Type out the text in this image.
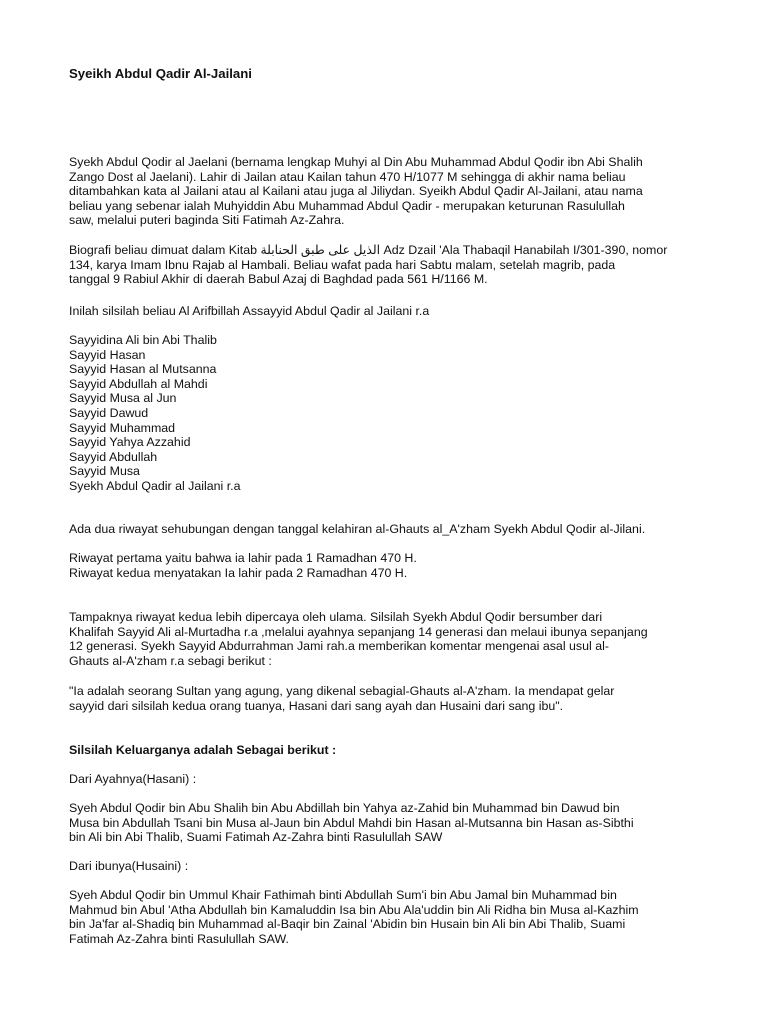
Syeikh Abdul Qadir Al-Jailani

Syekh Abdul Qodir al Jaelani (bernama lengkap Muhyi al Din Abu Muhammad Abdul Qodir ibn Abi Shalih
Zango Dost al Jaelani). Lahir di Jailan atau Kailan tahun 470 H/1077 M sehingga di akhir nama beliau
ditambahkan kata al Jailani atau al Kailani atau juga al Jiliydan. Syeikh Abdul Qadir Al-Jailani, atau nama
beliau yang sebenar ialah Muhyiddin Abu Muhammad Abdul Qadir - merupakan keturunan Rasulullah
saw, melalui puteri baginda Siti Fatimah Az-Zahra.

Biografi beliau dimuat dalam Kitab الذيل على طبق الحنابلة Adz Dzail 'Ala Thabaqil Hanabilah I/301-390, nomor
134, karya Imam Ibnu Rajab al Hambali. Beliau wafat pada hari Sabtu malam, setelah magrib, pada
tanggal 9 Rabiul Akhir di daerah Babul Azaj di Baghdad pada 561 H/1166 M.

Inilah silsilah beliau Al Arifbillah Assayyid Abdul Qadir al Jailani r.a

Sayyidina Ali bin Abi Thalib
Sayyid Hasan
Sayyid Hasan al Mutsanna
Sayyid Abdullah al Mahdi
Sayyid Musa al Jun
Sayyid Dawud
Sayyid Muhammad
Sayyid Yahya Azzahid
Sayyid Abdullah
Sayyid Musa
Syekh Abdul Qadir al Jailani r.a

Ada dua riwayat sehubungan dengan tanggal kelahiran al-Ghauts al_A'zham Syekh Abdul Qodir al-Jilani.

Riwayat pertama yaitu bahwa ia lahir pada 1 Ramadhan 470 H.
Riwayat kedua menyatakan Ia lahir pada 2 Ramadhan 470 H.

Tampaknya riwayat kedua lebih dipercaya oleh ulama. Silsilah Syekh Abdul Qodir bersumber dari
Khalifah Sayyid Ali al-Murtadha r.a ,melalui ayahnya sepanjang 14 generasi dan melaui ibunya sepanjang
12 generasi. Syekh Sayyid Abdurrahman Jami rah.a memberikan komentar mengenai asal usul al-
Ghauts al-A'zham r.a sebagi berikut :

"Ia adalah seorang Sultan yang agung, yang dikenal sebagial-Ghauts al-A'zham. Ia mendapat gelar
sayyid dari silsilah kedua orang tuanya, Hasani dari sang ayah dan Husaini dari sang ibu".

Silsilah Keluarganya adalah Sebagai berikut :

Dari Ayahnya(Hasani) :

Syeh Abdul Qodir bin Abu Shalih bin Abu Abdillah bin Yahya az-Zahid bin Muhammad bin Dawud bin
Musa bin Abdullah Tsani bin Musa al-Jaun bin Abdul Mahdi bin Hasan al-Mutsanna bin Hasan as-Sibthi
bin Ali bin Abi Thalib, Suami Fatimah Az-Zahra binti Rasulullah SAW

Dari ibunya(Husaini) :

Syeh Abdul Qodir bin Ummul Khair Fathimah binti Abdullah Sum'i bin Abu Jamal bin Muhammad bin
Mahmud bin Abul 'Atha Abdullah bin Kamaluddin Isa bin Abu Ala'uddin bin Ali Ridha bin Musa al-Kazhim
bin Ja'far al-Shadiq bin Muhammad al-Baqir bin Zainal 'Abidin bin Husain bin Ali bin Abi Thalib, Suami
Fatimah Az-Zahra binti Rasulullah SAW.
